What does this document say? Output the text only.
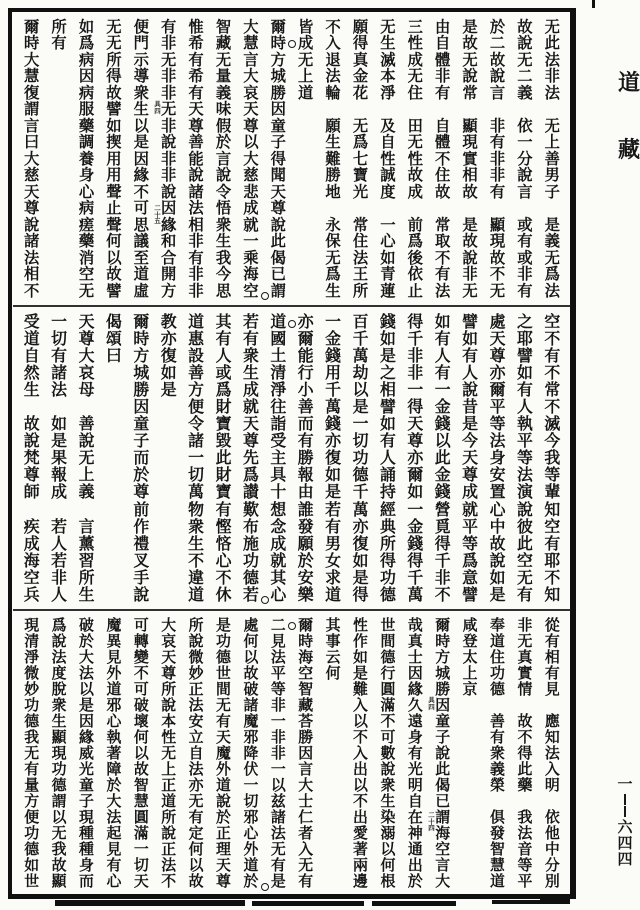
无
此
法
非
法
无
上
善
男
子
是
義
无
爲
法
故
說
无
二
義
依
一
分
說
言
或
有
或
非
有
於
二
故
說
言
非
有
非
非
有
顯
現
故
不
无
是
故
无
說
常
顯
現
實
相
故
是
故
說
非
无
由
自
體
非
有
自
體
不
住
故
常
取
不
有
法
三
性
成
无
住
田
无
性
故
成
前
爲
後
依
止
无
生
滅
本
淨
及
自
性
誠
度
一
心
如
青
蓮
願
得
真
金
花
无
爲
七
寶
光
常
住
法
王
所
不
入
退
法
輪
願
生
難
勝
地
永
保
无
爲
生
皆
成
无
上
道
爾
時
方
城
勝
因
童
子
得
聞
天
尊
說
此
偈
已
謂
大
慧
言
大
哀
天
尊
以
大
慈
悲
成
就
一
乘
海
空
智
藏
无
量
義
味
假
於
言
說
令
悟
衆
生
我
今
思
惟
希
有
希
有
天
尊
善
能
說
諸
法
相
非
有
非
非
有
非
无
非
非
无
非
說
非
非
說
因
緣
和
合
開
方
便
門
示
導
衆
生
以
是
因
緣
不
可
思
議
至
道
虛
无
无
所
得
故
譬
如
揳
用
用
聲
止
聲
何
以
故
譬
如
爲
病
因
病
服
藥
調
養
身
心
病
瘥
藥
消
空
无
所
有
爾
時
大
慧
復
謂
言
曰
大
慈
天
尊
說
諸
法
相
不
具四
二十五
空
不
有
不
常
不
滅
今
我
等
輩
知
空
有
耶
不
知
之
耶
譬
如
有
人
執
平
等
法
演
說
彼
此
空
无
有
處
天
尊
亦
爾
平
等
法
身
安
置
心
中
故
說
如
是
譬
如
有
人
說
昔
是
今
天
尊
成
就
平
等
爲
意
譬
如
有
人
有
一
金
錢
以
此
金
錢
營
覓
得
千
非
不
得
千
非
非
一
得
天
尊
亦
爾
如
一
金
錢
得
千
萬
錢
如
是
之
相
譬
如
有
人
誦
持
經
典
所
得
功
德
百
千
萬
劫
以
是
一
切
功
德
千
萬
亦
復
如
是
得
一
金
錢
用
千
萬
錢
亦
復
如
是
若
有
男
女
求
道
亦
爾
能
行
小
善
而
有
勝
報
由
誰
發
願
於
安
樂
道
國
土
清
淨
往
詣
受
主
具
十
想
念
成
就
其
心
若
有
衆
生
成
就
天
尊
先
爲
讃
歎
布
施
功
德
若
其
有
人
或
爲
財
寶
毀
此
財
寶
有
慳
悋
心
不
休
道
惠
設
善
方
便
令
諸
一
切
萬
物
衆
生
不
違
道
教
亦
復
如
是
爾
時
方
城
勝
因
童
子
而
於
尊
前
作
禮
叉
手
說
偈
頌
曰
天
尊
大
哀
母
善
說
无
上
義
言
薰
習
所
生
一
切
有
諸
法
如
是
果
報
成
若
人
若
非
人
受
道
自
然
生
故
說
梵
尊
師
疾
成
海
空
兵
從
有
相
有
見
應
知
法
入
明
依
他
中
分
別
非
无
真
實
情
故
不
得
此
藥
我
法
音
等
平
奉
道
住
功
德
善
有
衆
義
榮
俱
發
智
慧
道
咸
登
太
上
京
爾
時
方
城
勝
因
童
子
說
此
偈
已
謂
海
空
言
大
哉
真
士
因
緣
久
遠
身
有
光
明
自
在
神
通
出
於
世
間
德
行
圓
滿
不
可
數
說
衆
生
染
溺
以
何
根
性
作
如
是
難
入
以
不
入
出
以
不
出
愛
著
兩
邊
其
事
云
何
爾
時
海
空
智
藏
荅
勝
因
言
大
士
仁
者
入
无
有
二
見
法
平
等
非
一
非
非
一
以
兹
諸
法
无
有
是
處
何
以
故
破
諸
魔
邪
降
伏
一
切
邪
心
外
道
於
是
功
德
世
間
无
有
天
魔
外
道
說
於
正
理
天
尊
所
說
微
妙
正
法
安
立
自
法
亦
无
有
定
何
以
故
大
哀
天
尊
所
說
本
性
无
上
正
道
所
說
正
法
不
可
轉
變
不
可
破
壞
何
以
故
智
慧
圓
滿
一
切
天
魔
異
見
外
道
邪
心
執
著
障
於
大
法
起
見
有
心
破
於
大
法
以
是
因
緣
威
光
童
子
現
種
種
身
而
爲
說
法
度
脫
衆
生
顯
現
功
德
謂
以
无
我
故
顯
現
清
淨
微
妙
功
德
我
无
有
量
方
便
功
德
如
世
具四
二十四
道
藏
一
六
四
四
